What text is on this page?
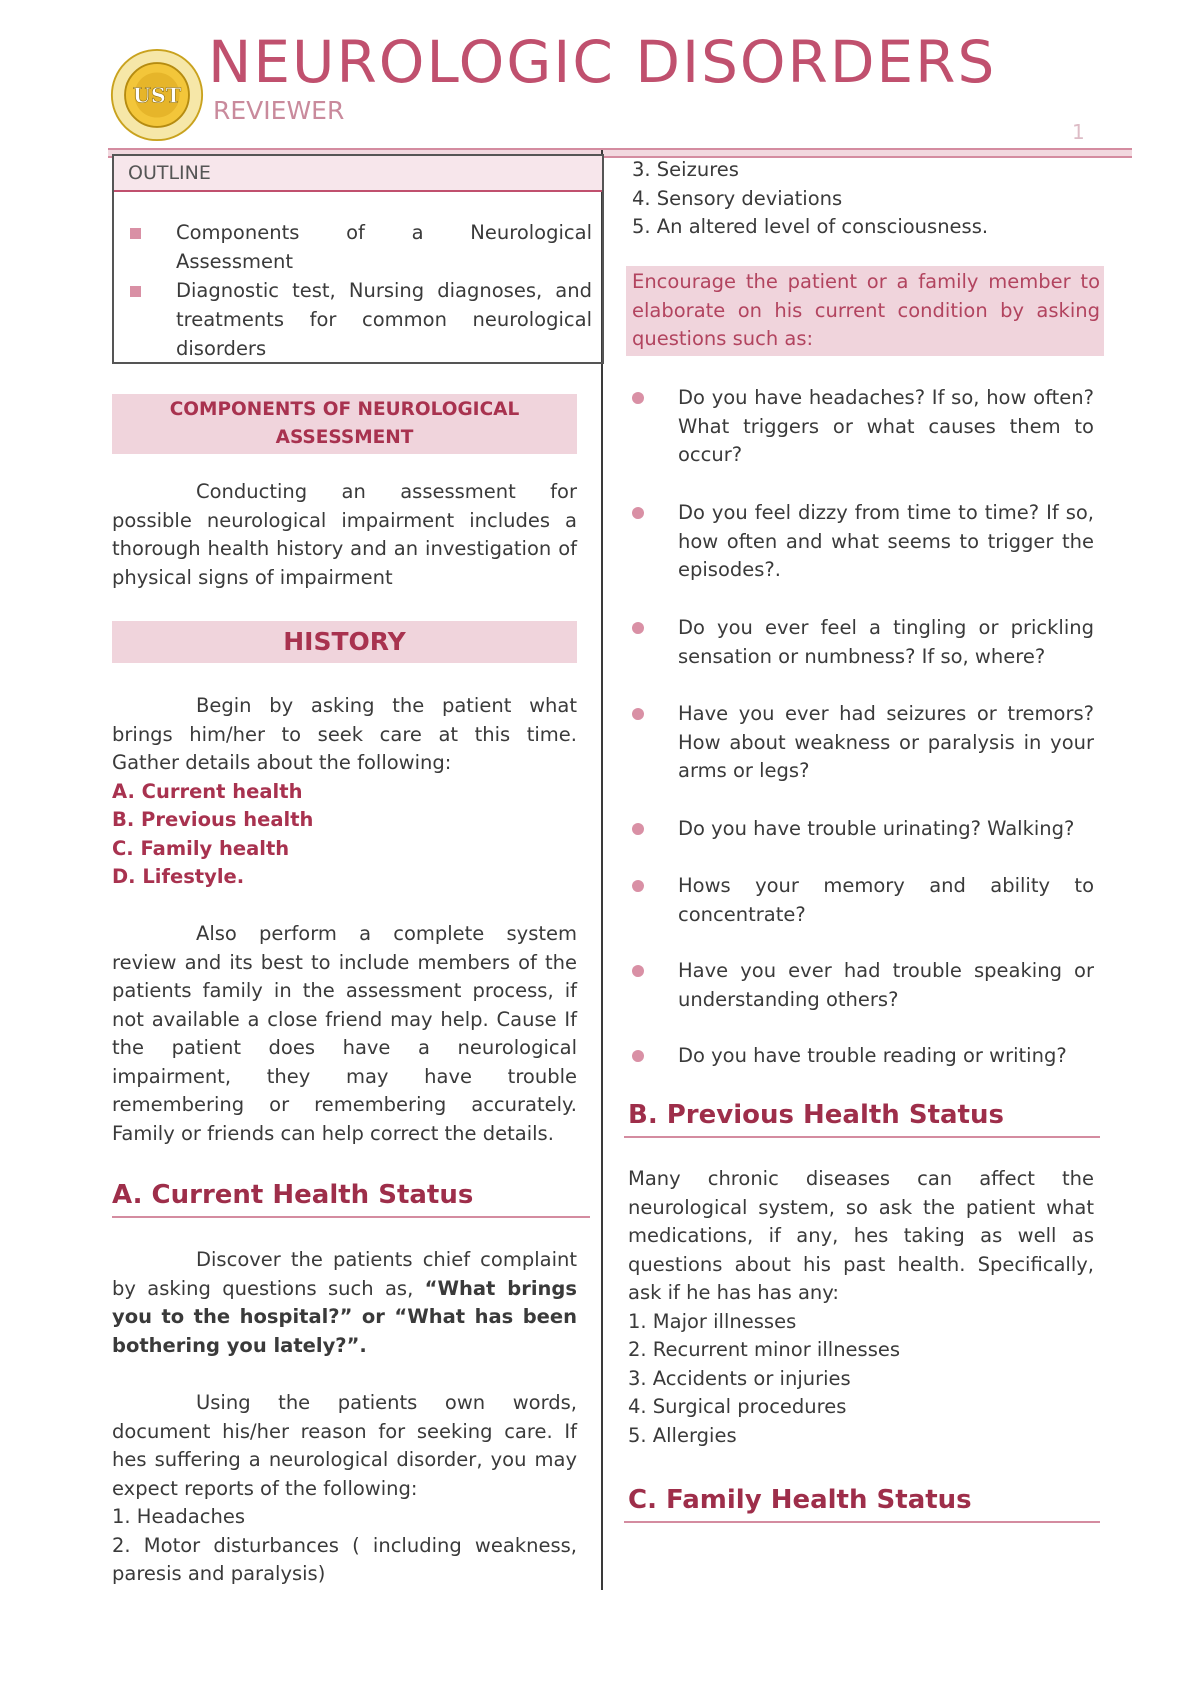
UST NEUROLOGIC DISORDERS
REVIEWER
1
OUTLINE
Components of a Neurological Assessment
Diagnostic test, Nursing diagnoses, and treatments for common neurological disorders
COMPONENTS OF NEUROLOGICAL
ASSESSMENT
Conducting an assessment for possible neurological impairment includes a thorough health history and an investigation of physical signs of impairment
HISTORY
Begin by asking the patient what brings him/her to seek care at this time. Gather details about the following:
A. Current health
B. Previous health
C. Family health
D. Lifestyle.
Also perform a complete system review and its best to include members of the patients family in the assessment process, if not available a close friend may help. Cause If the patient does have a neurological impairment, they may have trouble remembering or remembering accurately. Family or friends can help correct the details.
A. Current Health Status
Discover the patients chief complaint by asking questions such as, “What brings you to the hospital?” or “What has been bothering you lately?”.
Using the patients own words, document his/her reason for seeking care. If hes suffering a neurological disorder, you may expect reports of the following:
1. Headaches
2. Motor disturbances ( including weakness, paresis and paralysis)
3. Seizures
4. Sensory deviations
5. An altered level of consciousness.
Encourage the patient or a family member to elaborate on his current condition by asking questions such as:
Do you have headaches? If so, how often? What triggers or what causes them to occur?
Do you feel dizzy from time to time? If so, how often and what seems to trigger the episodes?.
Do you ever feel a tingling or prickling sensation or numbness? If so, where?
Have you ever had seizures or tremors? How about weakness or paralysis in your arms or legs?
Do you have trouble urinating? Walking?
Hows your memory and ability to concentrate?
Have you ever had trouble speaking or understanding others?
Do you have trouble reading or writing?
B. Previous Health Status
Many chronic diseases can affect the neurological system, so ask the patient what medications, if any, hes taking as well as questions about his past health. Specifically, ask if he has has any:
1. Major illnesses
2. Recurrent minor illnesses
3. Accidents or injuries
4. Surgical procedures
5. Allergies
C. Family Health Status
